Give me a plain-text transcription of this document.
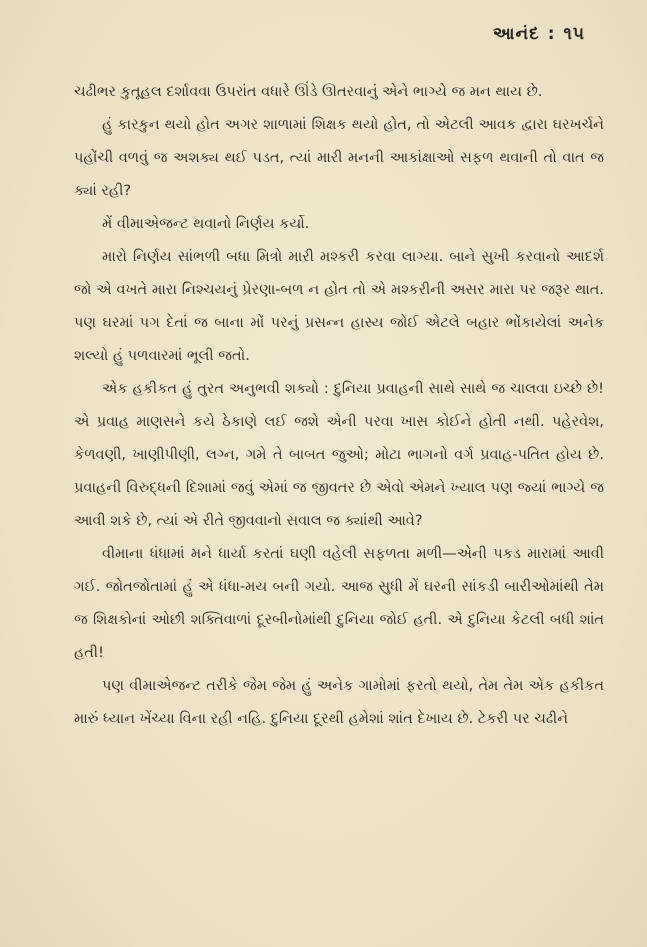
આનંદ : ૧૫

ચઢીભર કુતૂહલ દર્શાવવા ઉપરાંત વધારે ઊંડે ઊતરવાનું એને ભાગ્યે જ મન થાય છે.

હું કારકુન થયો હોત અગર શાળામાં શિક્ષક થયો હોત, તો એટલી આવક દ્વારા ઘરખર્ચને પહોંચી વળવું જ અશક્ય થઈ પડત, ત્યાં મારી મનની આકાંક્ષાઓ સફળ થવાની તો વાત જ ક્યાં રહી?

મેં વીમાએજન્ટ થવાનો નિર્ણય કર્યો.

મારો નિર્ણય સાંભળી બધા મિત્રો મારી મશ્કરી કરવા લાગ્યા. બાને સુખી કરવાનો આદર્શ જો એ વખતે મારા નિશ્ચયનું પ્રેરણા-બળ ન હોત તો એ મશ્કરીની અસર મારા પર જરૂર થાત. પણ ઘરમાં પગ દેતાં જ બાના મોં પરનું પ્રસન્ન હાસ્ય જોઈ એટલે બહાર ભોંકાયેલાં અનેક શલ્યો હું પળવારમાં ભૂલી જતો.

એક હકીકત હું તુરત અનુભવી શક્યો : દુનિયા પ્રવાહની સાથે સાથે જ ચાલવા ઇચ્છે છે! એ પ્રવાહ માણસને કયે ઠેકાણે લઈ જશે એની પરવા ખાસ કોઈને હોતી નથી. પહેરવેશ, કેળવણી, ખાણીપીણી, લગ્ન, ગમે તે બાબત જુઓ; મોટા ભાગનો વર્ગ પ્રવાહ-પતિત હોય છે. પ્રવાહની વિરુદ્ધની દિશામાં જવું એમાં જ જીવતર છે એવો એમને ખ્યાલ પણ જ્યાં ભાગ્યે જ આવી શકે છે, ત્યાં એ રીતે જીવવાનો સવાલ જ ક્યાંથી આવે?

વીમાના ધંધામાં મને ધાર્યા કરતાં ઘણી વહેલી સફળતા મળી—એની પકડ મારામાં આવી ગઈ. જોતજોતામાં હું એ ધંધા-મય બની ગયો. આજ સુધી મેં ઘરની સાંકડી બારીઓમાંથી તેમ જ શિક્ષકોનાં ઓછી શક્તિવાળાં દૂરબીનોમાંથી દુનિયા જોઈ હતી. એ દુનિયા કેટલી બધી શાંત હતી!

પણ વીમાએજન્ટ તરીકે જેમ જેમ હું અનેક ગામોમાં ફરતો થયો, તેમ તેમ એક હકીકત મારું ધ્યાન ખેંચ્યા વિના રહી નહિ. દુનિયા દૂરથી હમેશાં શાંત દેખાય છે. ટેકરી પર ચઢીને
